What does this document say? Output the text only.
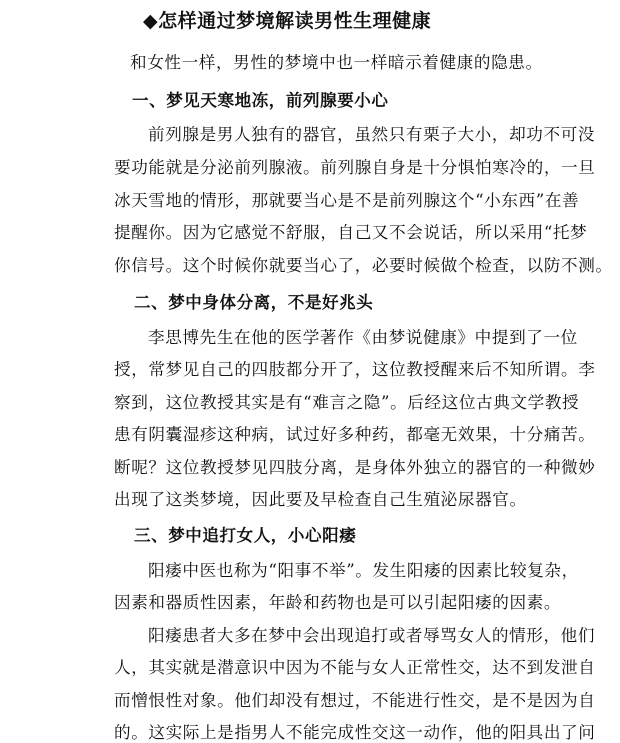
◆怎样通过梦境解读男性生理健康
和女性一样，男性的梦境中也一样暗示着健康的隐患。
一、梦见天寒地冻，前列腺要小心
前列腺是男人独有的器官，虽然只有栗子大小，却功不可没
要功能就是分泌前列腺液。前列腺自身是十分惧怕寒冷的，一旦
冰天雪地的情形，那就要当心是不是前列腺这个“小东西”在善
提醒你。因为它感觉不舒服，自己又不会说话，所以采用“托梦
你信号。这个时候你就要当心了，必要时候做个检查，以防不测。
二、梦中身体分离，不是好兆头
李思博先生在他的医学著作《由梦说健康》中提到了一位
授，常梦见自己的四肢都分开了，这位教授醒来后不知所谓。李
察到，这位教授其实是有“难言之隐”。后经这位古典文学教授
患有阴囊湿疹这种病，试过好多种药，都毫无效果，十分痛苦。
断呢？这位教授梦见四肢分离，是身体外独立的器官的一种微妙
出现了这类梦境，因此要及早检查自己生殖泌尿器官。
三、梦中追打女人，小心阳痿
阳痿中医也称为“阳事不举”。发生阳痿的因素比较复杂，
因素和器质性因素，年龄和药物也是可以引起阳痿的因素。
阳痿患者大多在梦中会出现追打或者辱骂女人的情形，他们
人，其实就是潜意识中因为不能与女人正常性交，达不到发泄自
而憎恨性对象。他们却没有想过，不能进行性交，是不是因为自
的。这实际上是指男人不能完成性交这一动作，他的阳具出了问
